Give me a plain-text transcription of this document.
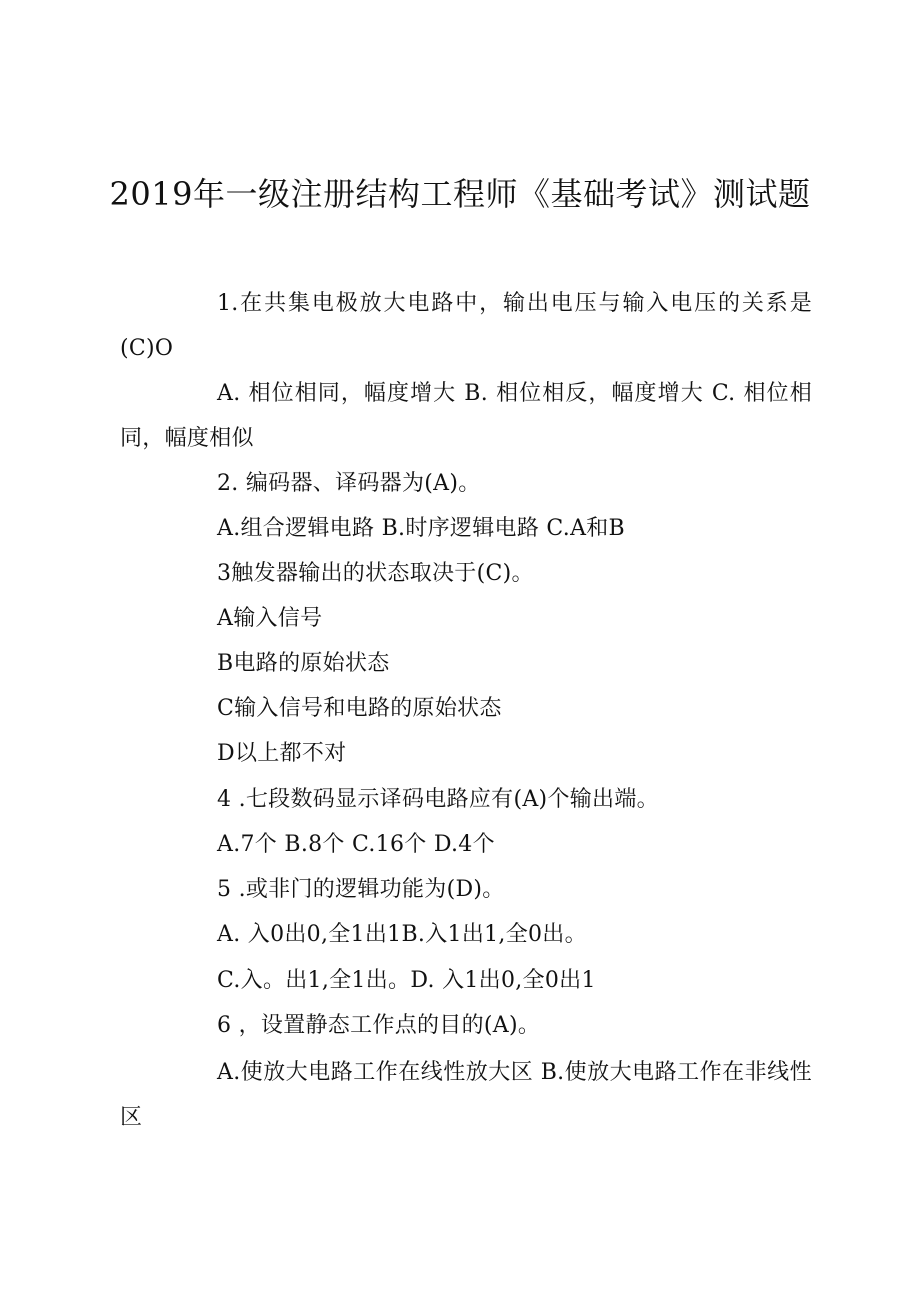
2019年一级注册结构工程师《基础考试》测试题

1.在共集电极放大电路中，输出电压与输入电压的关系是(C)O

A. 相位相同，幅度增大 B. 相位相反，幅度增大 C. 相位相同，幅度相似

2. 编码器、译码器为(A)。

A.组合逻辑电路 B.时序逻辑电路 C.A和B

3触发器输出的状态取决于(C)。

A输入信号

B电路的原始状态

C输入信号和电路的原始状态

D以上都不对

4 .七段数码显示译码电路应有(A)个输出端。

A.7个 B.8个 C.16个 D.4个

5 .或非门的逻辑功能为(D)。

A. 入0出0,全1出1B.入1出1,全0出。

C.入。出1,全1出。D. 入1出0,全0出1

6 ，设置静态工作点的目的(A)。

A.使放大电路工作在线性放大区 B.使放大电路工作在非线性区
